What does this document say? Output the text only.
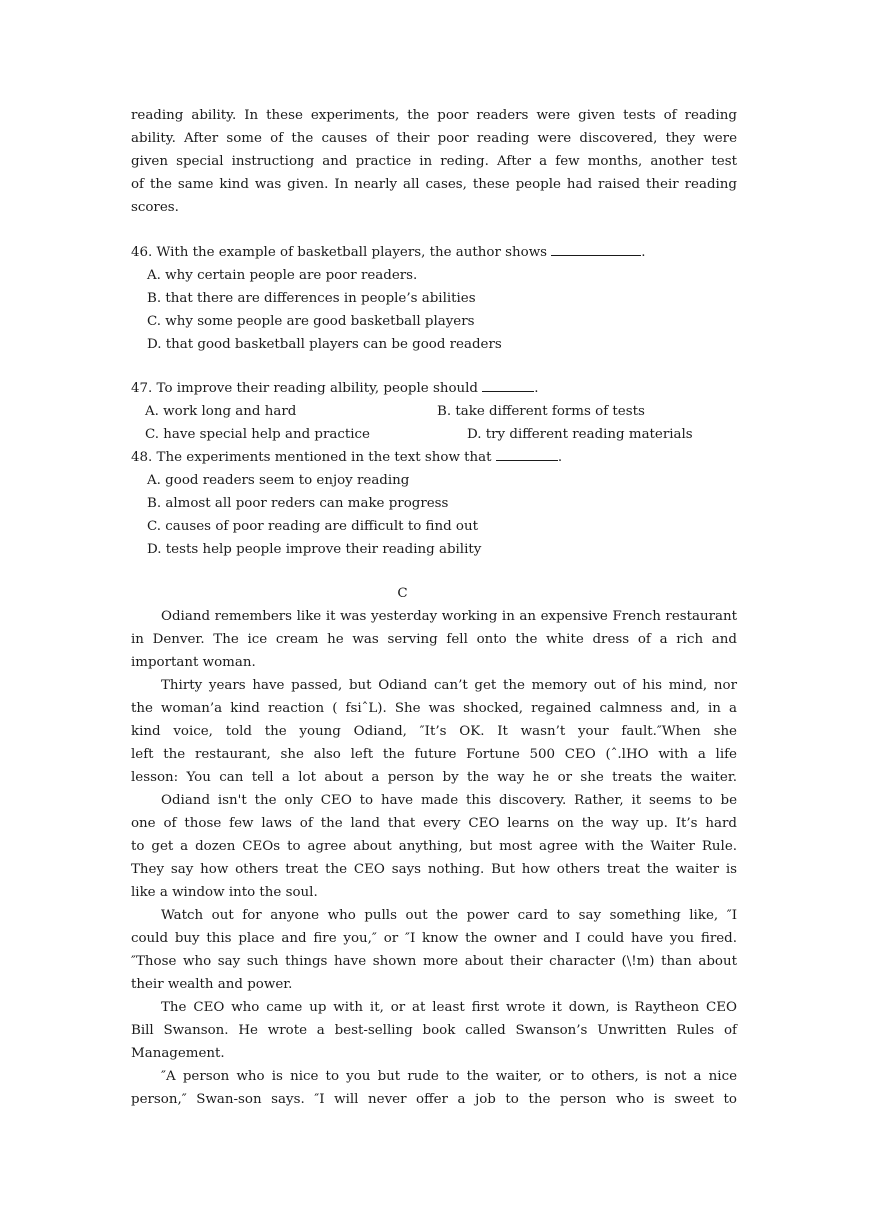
reading ability. In these experiments, the poor readers were given tests of reading
ability. After some of the causes of their poor reading were discovered, they were
given special instructiong and practice in reding. After a few months, another test
of the same kind was given. In nearly all cases, these people had raised their reading
scores.
46. With the example of basketball players, the author shows	.
A. why certain people are poor readers.
B. that there are differences in people’s abilities
C. why some people are good basketball players
D. that good basketball players can be good readers
47. To improve their reading albility, people should	.
A. work long and hard	B. take different forms of tests
C. have special help and practice	D. try different reading materials
48. The experiments mentioned in the text show that	.
A. good readers seem to enjoy reading
B. almost all poor reders can make progress
C. causes of poor reading are difficult to find out
D. tests help people improve their reading ability
C
Odiand remembers like it was yesterday working in an expensive French restaurant
in Denver. The ice cream he was serving fell onto the white dress of a rich and
important woman.
Thirty years have passed, but Odiand can’t get the memory out of his mind, nor
the woman’a kind reaction ( fsiˆL). She was shocked, regained calmness and, in a
kind voice, told the young Odiand, ″It’s OK. It wasn’t your fault.″When she
left the restaurant, she also left the future Fortune 500 CEO (ˆ.lHO with a life
lesson: You can tell a lot about a person by the way he or she treats the waiter.
Odiand isn't the only CEO to have made this discovery. Rather, it seems to be
one of those few laws of the land that every CEO learns on the way up. It’s hard
to get a dozen CEOs to agree about anything, but most agree with the Waiter Rule.
They say how others treat the CEO says nothing. But how others treat the waiter is
like a window into the soul.
Watch out for anyone who pulls out the power card to say something like, ″I
could buy this place and fire you,″ or ″I know the owner and I could have you fired.
″Those who say such things have shown more about their character (\!m) than about
their wealth and power.
The CEO who came up with it, or at least first wrote it down, is Raytheon CEO
Bill Swanson. He wrote a best-selling book called Swanson’s Unwritten Rules of
Management.
″A person who is nice to you but rude to the waiter, or to others, is not a nice
person,″ Swan-son says. ″I will never offer a job to the person who is sweet to
